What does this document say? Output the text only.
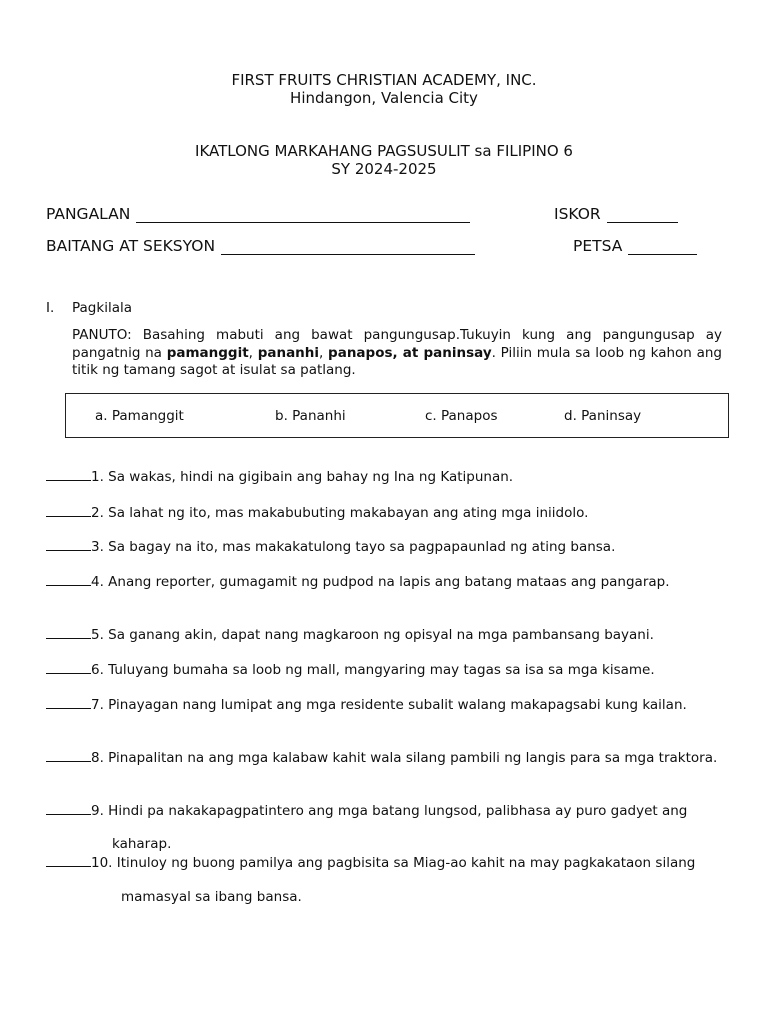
FIRST FRUITS CHRISTIAN ACADEMY, INC.
Hindangon, Valencia City
IKATLONG MARKAHANG PAGSUSULIT sa FILIPINO 6
SY 2024-2025
PANGALAN	ISKOR
BAITANG AT SEKSYON	PETSA
I. Pagkilala
PANUTO: Basahing mabuti ang bawat pangungusap.Tukuyin kung ang pangungusap ay pangatnig na pamanggit, pananhi, panapos, at paninsay. Piliin mula sa loob ng kahon ang titik ng tamang sagot at isulat sa patlang.
a. Pamanggit	b. Pananhi	c. Panapos	d. Paninsay
1. Sa wakas, hindi na gigibain ang bahay ng Ina ng Katipunan.
2. Sa lahat ng ito, mas makabubuting makabayan ang ating mga iniidolo.
3. Sa bagay na ito, mas makakatulong tayo sa pagpapaunlad ng ating bansa.
4. Anang reporter, gumagamit ng pudpod na lapis ang batang mataas ang pangarap.
5. Sa ganang akin, dapat nang magkaroon ng opisyal na mga pambansang bayani.
6. Tuluyang bumaha sa loob ng mall, mangyaring may tagas sa isa sa mga kisame.
7. Pinayagan nang lumipat ang mga residente subalit walang makapagsabi kung kailan.
8. Pinapalitan na ang mga kalabaw kahit wala silang pambili ng langis para sa mga traktora.
9. Hindi pa nakakapagpatintero ang mga batang lungsod, palibhasa ay puro gadyet ang
kaharap.
10. Itinuloy ng buong pamilya ang pagbisita sa Miag-ao kahit na may pagkakataon silang
mamasyal sa ibang bansa.
